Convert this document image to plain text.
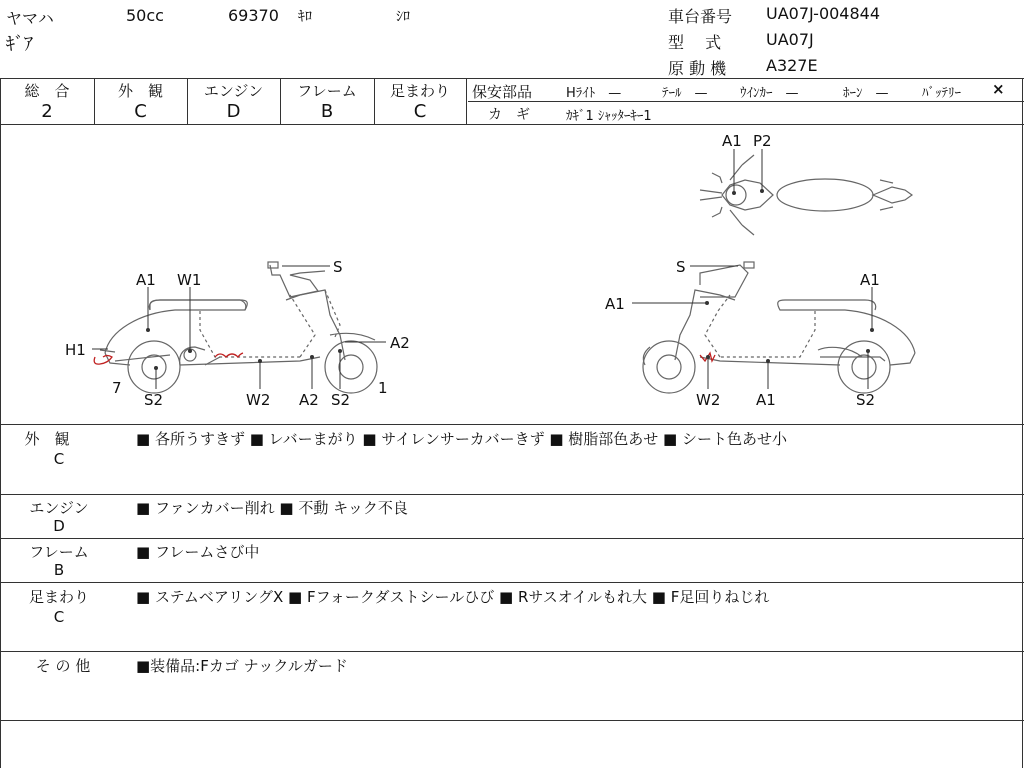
ヤマハ	50cc	69370 ｷﾛ	ｼﾛ
ｷﾞｱ
車台番号 UA07J-004844
型　 式	UA07J
原 動 機 A327E
総　合
2
外　観
C
エンジン
D
フレーム
B
足まわり
C
保安部品	Hﾗｲﾄ　—	ﾃｰﾙ　— ｳｲﾝｶｰ　—	ﾎｰﾝ　—	ﾊﾞｯﾃﾘｰ ×
カ　ギ	ｶｷﾞ1 ｼｬｯﾀｰｷｰ1
A1 W1
S
H1	A2
7	1
S2	W2 A2 S2
S
A1
A1
W2 A1	S2
A1 P2
外　観
C
■ 各所うすきず ■ レバーまがり ■ サイレンサーカバーきず ■ 樹脂部色あせ ■ シート色あせ小
エンジン
D
■ ファンカバー削れ ■ 不動 キック不良
フレーム
B
■ フレームさび中
足まわり
C
■ ステムベアリングX ■ Fフォークダストシールひび ■ Rサスオイルもれ大 ■ F足回りねじれ
そ の 他	■装備品:Fカゴ ナックルガード
